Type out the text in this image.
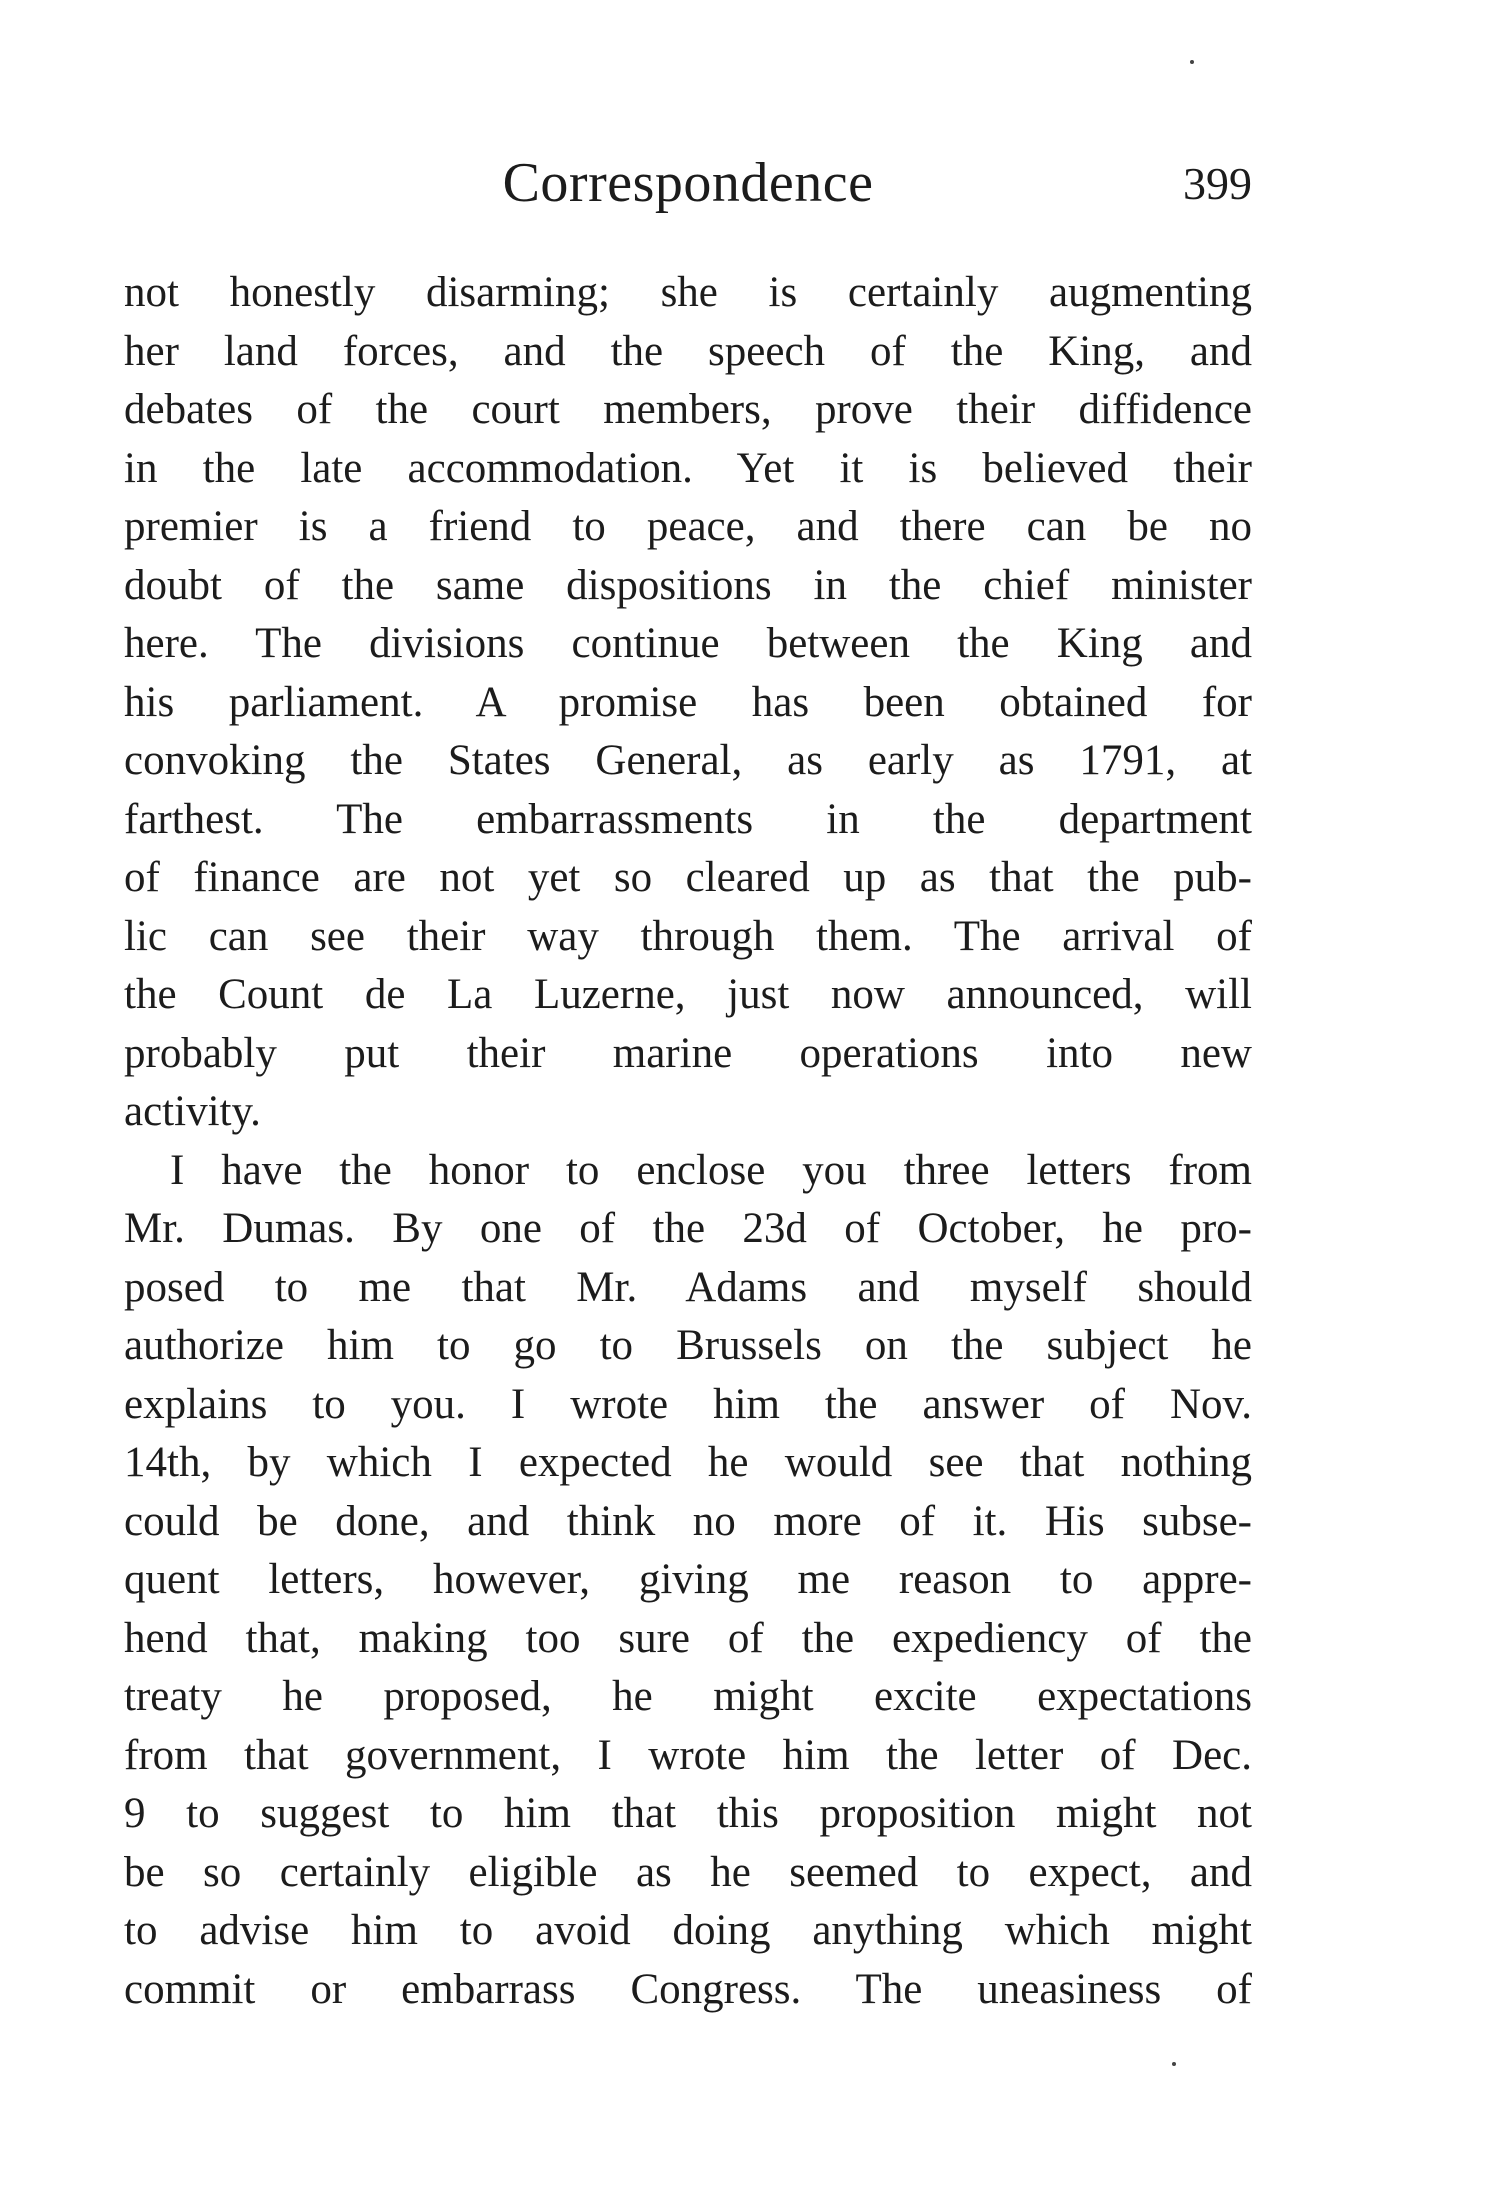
Correspondence	399
not honestly disarming; she is certainly augmenting
her land forces, and the speech of the King, and
debates of the court members, prove their diffidence
in the late accommodation. Yet it is believed their
premier is a friend to peace, and there can be no
doubt of the same dispositions in the chief minister
here. The divisions continue between the King and
his parliament. A promise has been obtained for
convoking the States General, as early as 1791, at
farthest. The embarrassments in the department
of finance are not yet so cleared up as that the pub-
lic can see their way through them. The arrival of
the Count de La Luzerne, just now announced, will
probably put their marine operations into new
activity.
I have the honor to enclose you three letters from
Mr. Dumas. By one of the 23d of October, he pro-
posed to me that Mr. Adams and myself should
authorize him to go to Brussels on the subject he
explains to you. I wrote him the answer of Nov.
14th, by which I expected he would see that nothing
could be done, and think no more of it. His subse-
quent letters, however, giving me reason to appre-
hend that, making too sure of the expediency of the
treaty he proposed, he might excite expectations
from that government, I wrote him the letter of Dec.
9 to suggest to him that this proposition might not
be so certainly eligible as he seemed to expect, and
to advise him to avoid doing anything which might
commit or embarrass Congress. The uneasiness of
